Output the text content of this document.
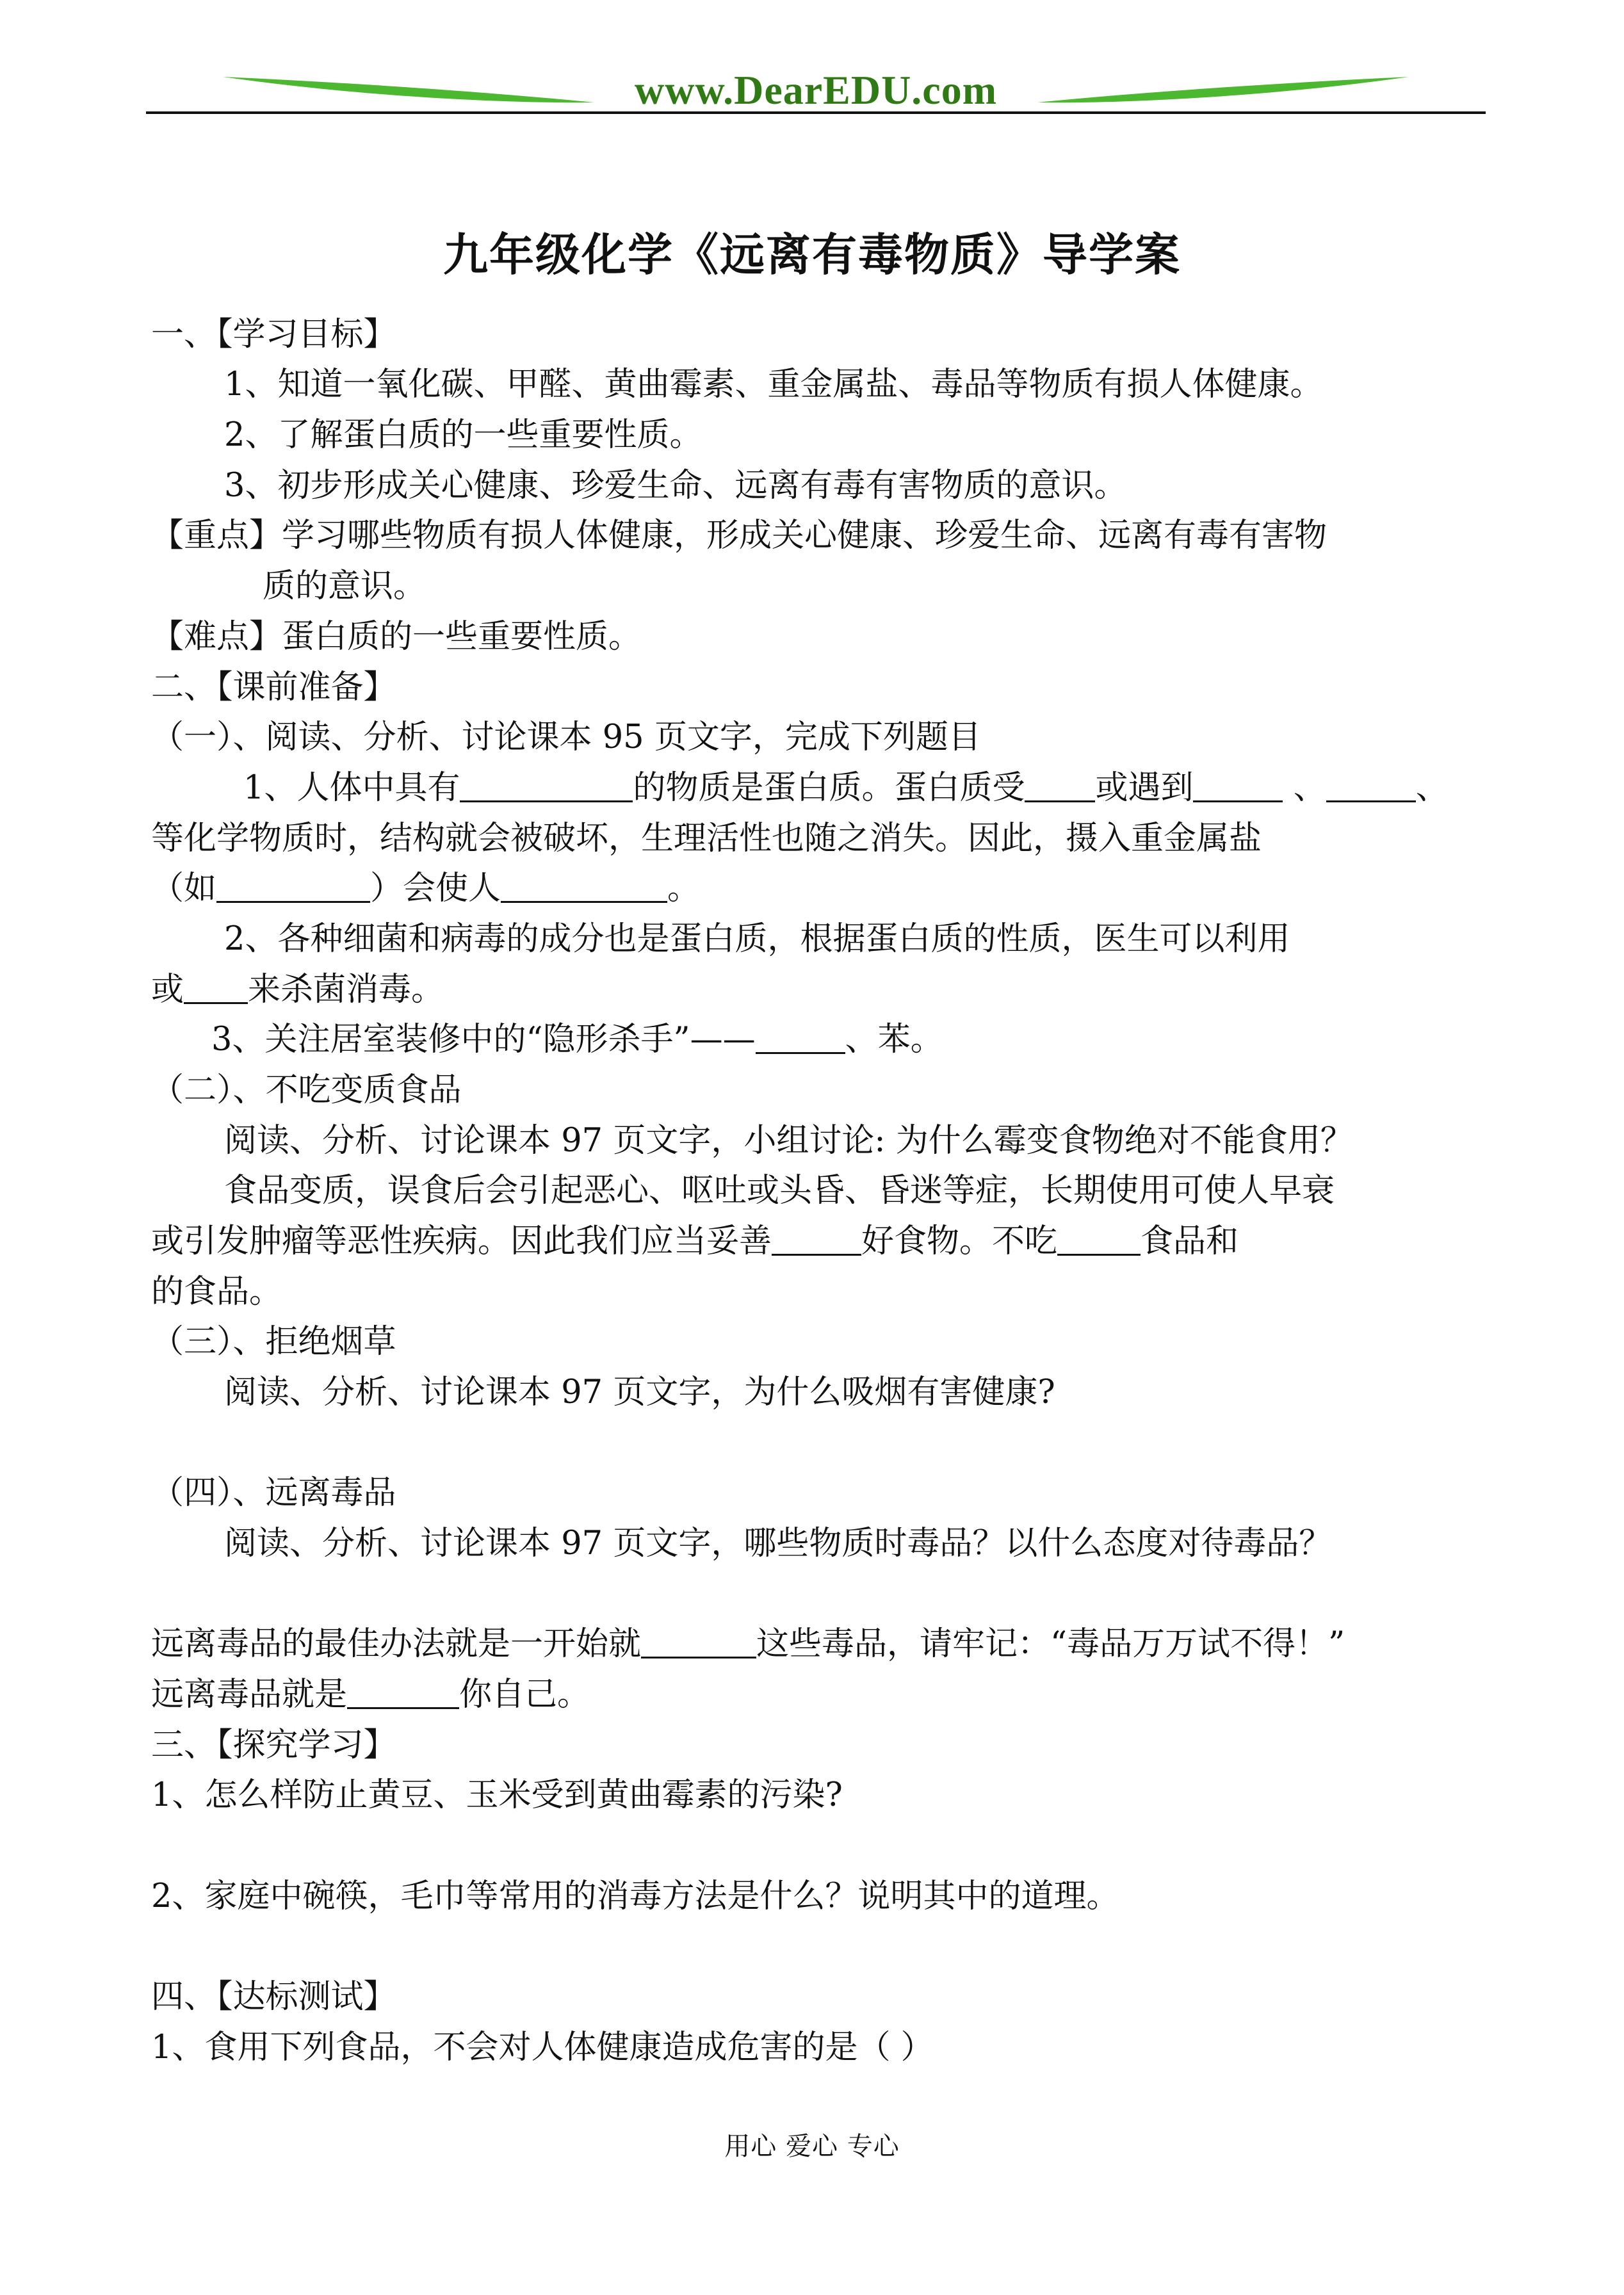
www.DearEDU.com
九年级化学《远离有毒物质》导学案
一、【学习目标】
1、知道一氧化碳、甲醛、黄曲霉素、重金属盐、毒品等物质有损人体健康。
2、了解蛋白质的一些重要性质。
3、初步形成关心健康、珍爱生命、远离有毒有害物质的意识。
【重点】学习哪些物质有损人体健康，形成关心健康、珍爱生命、远离有毒有害物
质的意识。
【难点】蛋白质的一些重要性质。
二、【课前准备】
（一）、阅读、分析、讨论课本 95 页文字，完成下列题目
1、人体中具有	的物质是蛋白质。蛋白质受 或遇到	、	、
等化学物质时，结构就会被破坏，生理活性也随之消失。因此，摄入重金属盐
（如	）会使人	。
2、各种细菌和病毒的成分也是蛋白质，根据蛋白质的性质，医生可以利用
或 来杀菌消毒。
3、关注居室装修中的“隐形杀手”——	、苯。
（二）、不吃变质食品
阅读、分析、讨论课本 97 页文字，小组讨论: 为什么霉变食物绝对不能食用？
食品变质，误食后会引起恶心、呕吐或头昏、昏迷等症，长期使用可使人早衰
或引发肿瘤等恶性疾病。因此我们应当妥善	好食物。不吃	食品和
的食品。
（三）、拒绝烟草
阅读、分析、讨论课本 97 页文字，为什么吸烟有害健康?
（四）、远离毒品
阅读、分析、讨论课本 97 页文字，哪些物质时毒品？以什么态度对待毒品？
远离毒品的最佳办法就是一开始就	这些毒品，请牢记：“毒品万万试不得！”
远离毒品就是	你自己。
三、【探究学习】
1、怎么样防止黄豆、玉米受到黄曲霉素的污染?
2、家庭中碗筷，毛巾等常用的消毒方法是什么？说明其中的道理。
四、【达标测试】
1、食用下列食品，不会对人体健康造成危害的是（ ）
用心 爱心 专心
